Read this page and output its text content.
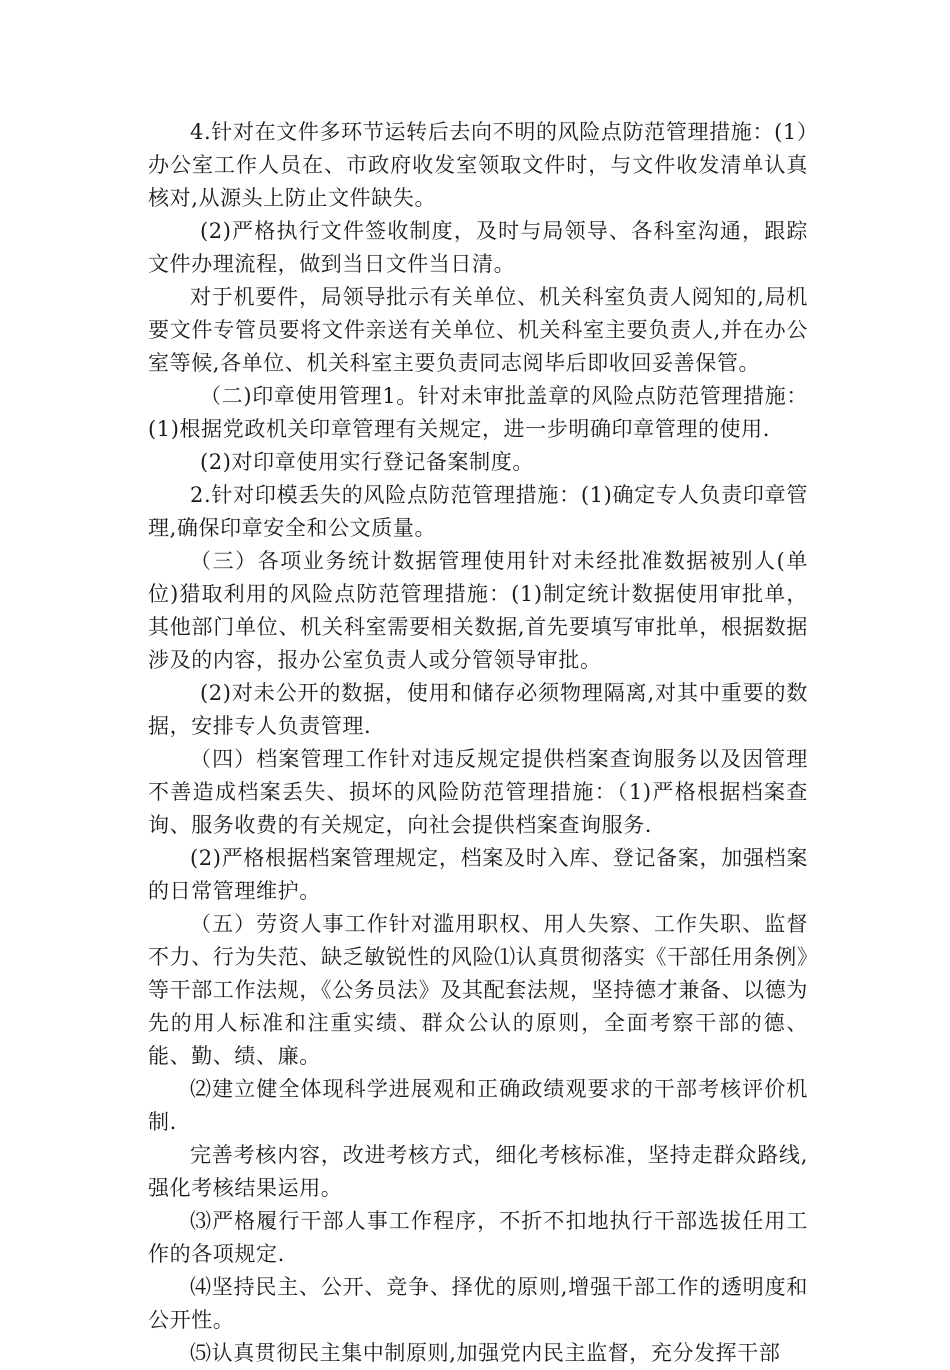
4.针对在文件多环节运转后去向不明的风险点防范管理措施：(1）办公室工作人员在、市政府收发室领取文件时，与文件收发清单认真核对,从源头上防止文件缺失。

(2)严格执行文件签收制度，及时与局领导、各科室沟通，跟踪文件办理流程，做到当日文件当日清。

对于机要件，局领导批示有关单位、机关科室负责人阅知的,局机要文件专管员要将文件亲送有关单位、机关科室主要负责人,并在办公室等候,各单位、机关科室主要负责同志阅毕后即收回妥善保管。

（二)印章使用管理1。针对未审批盖章的风险点防范管理措施：(1)根据党政机关印章管理有关规定，进一步明确印章管理的使用.

(2)对印章使用实行登记备案制度。

2.针对印模丢失的风险点防范管理措施：(1)确定专人负责印章管理,确保印章安全和公文质量。

（三）各项业务统计数据管理使用针对未经批准数据被别人(单位)猎取利用的风险点防范管理措施：(1)制定统计数据使用审批单，其他部门单位、机关科室需要相关数据,首先要填写审批单，根据数据涉及的内容，报办公室负责人或分管领导审批。

(2)对未公开的数据，使用和储存必须物理隔离,对其中重要的数据，安排专人负责管理.

（四）档案管理工作针对违反规定提供档案查询服务以及因管理不善造成档案丢失、损坏的风险防范管理措施：（1)严格根据档案查询、服务收费的有关规定，向社会提供档案查询服务.

(2)严格根据档案管理规定，档案及时入库、登记备案，加强档案的日常管理维护。

（五）劳资人事工作针对滥用职权、用人失察、工作失职、监督不力、行为失范、缺乏敏锐性的风险⑴认真贯彻落实《干部任用条例》等干部工作法规，《公务员法》及其配套法规，坚持德才兼备、以德为先的用人标准和注重实绩、群众公认的原则，全面考察干部的德、能、勤、绩、廉。

⑵建立健全体现科学进展观和正确政绩观要求的干部考核评价机制.

完善考核内容，改进考核方式，细化考核标准，坚持走群众路线,强化考核结果运用。

⑶严格履行干部人事工作程序，不折不扣地执行干部选拔任用工作的各项规定.

⑷坚持民主、公开、竞争、择优的原则,增强干部工作的透明度和公开性。

⑸认真贯彻民主集中制原则,加强党内民主监督，充分发挥干部
